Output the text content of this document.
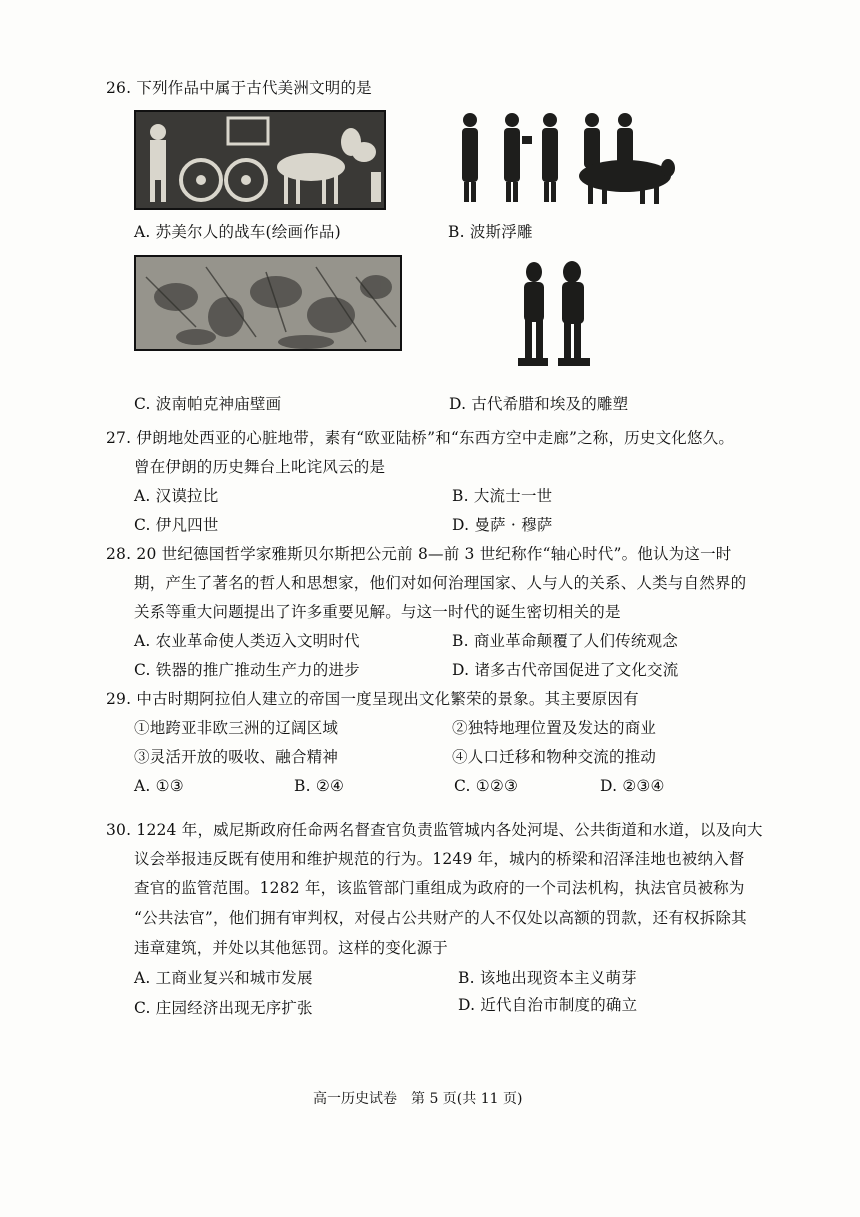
26. 下列作品中属于古代美洲文明的是
A. 苏美尔人的战车(绘画作品)	B. 波斯浮雕
C. 波南帕克神庙壁画	D. 古代希腊和埃及的雕塑
27. 伊朗地处西亚的心脏地带，素有“欧亚陆桥”和“东西方空中走廊”之称，历史文化悠久。
曾在伊朗的历史舞台上叱诧风云的是
A. 汉谟拉比	B. 大流士一世
C. 伊凡四世	D. 曼萨 · 穆萨
28. 20 世纪德国哲学家雅斯贝尔斯把公元前 8—前 3 世纪称作“轴心时代”。他认为这一时
期，产生了著名的哲人和思想家，他们对如何治理国家、人与人的关系、人类与自然界的
关系等重大问题提出了许多重要见解。与这一时代的诞生密切相关的是
A. 农业革命使人类迈入文明时代	B. 商业革命颠覆了人们传统观念
C. 铁器的推广推动生产力的进步	D. 诸多古代帝国促进了文化交流
29. 中古时期阿拉伯人建立的帝国一度呈现出文化繁荣的景象。其主要原因有
①地跨亚非欧三洲的辽阔区域	②独特地理位置及发达的商业
③灵活开放的吸收、融合精神	④人口迁移和物种交流的推动
A. ①③	B. ②④	C. ①②③	D. ②③④
30. 1224 年，威尼斯政府任命两名督查官负责监管城内各处河堤、公共街道和水道，以及向大
议会举报违反既有使用和维护规范的行为。1249 年，城内的桥梁和沼泽洼地也被纳入督
查官的监管范围。1282 年，该监管部门重组成为政府的一个司法机构，执法官员被称为
“公共法官”，他们拥有审判权，对侵占公共财产的人不仅处以高额的罚款，还有权拆除其
违章建筑，并处以其他惩罚。这样的变化源于
A. 工商业复兴和城市发展	B. 该地出现资本主义萌芽
C. 庄园经济出现无序扩张	D. 近代自治市制度的确立
高一历史试卷　第 5 页(共 11 页)
